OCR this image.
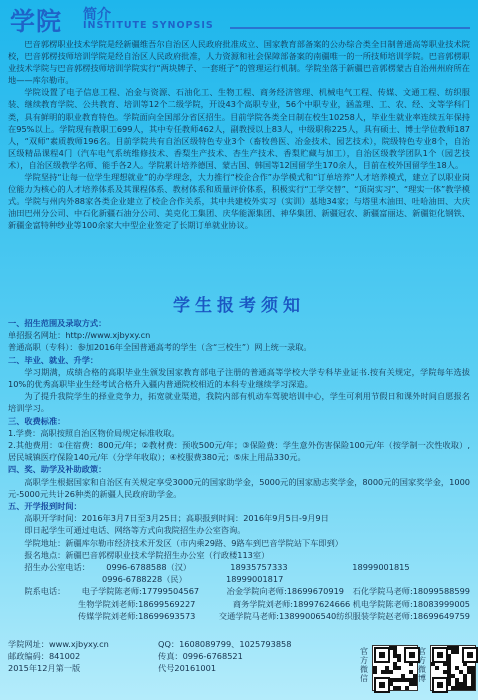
学院 简介
INSTITUTE SYNOPSIS

巴音郭楞职业技术学院是经新疆维吾尔自治区人民政府批准成立、国家教育部备案的公办综合类全日制普通高等职业技术院校，巴音郭楞技师培训学院是经自治区人民政府批准，人力资源和社会保障部备案的南疆唯一的一所技师培训学院。巴音郭楞职业技术学院与巴音郭楞技师培训学院实行“两块牌子、一套班子”的管理运行机制。学院坐落于新疆巴音郭楞蒙古自治州州府所在地——库尔勒市。

学院设置了电子信息工程、冶金与资源、石油化工、生物工程、商务经济管理、机械电气工程、传媒、文通工程、纺织服装、继续教育学院、公共教育、培训等12个二级学院，开设43个高职专业，56个中职专业，涵盖理、工、农、经、文等学科门类，具有鲜明的职业教育特色。学院面向全国部分省区招生。目前学院各类全日制在校生10258人，毕业生就业率连续五年保持在95%以上。学院现有教职工699人，其中专任教师462人，副教授以上83人，中级职称225人，具有硕士、博士学位教师187人，“双师”素质教师196名。目前学院共有自治区级特色专业3个（畜牧兽医、冶金技术、园艺技术），院级特色专业8个，自治区级精品课程4门（汽车电气系统维修技术、香梨生产技术、杏生产技术、香梨贮藏与加工），自治区级教学团队1个（园艺技术），自治区级教学名师、能手各2人。学院累计培养德国、蒙古国、韩国等12国留学生170余人，目前在校外国留学生18人。

学院坚持“让每一位学生理想就业”的办学理念，大力推行“校企合作”办学模式和“订单培养”人才培养模式，建立了以职业岗位能力为核心的人才培养体系及其课程体系、教材体系和质量评价体系，积极实行“工学交替”、“顶岗实习”、“理实一体”教学模式。学院与州内外88家各类企业建立了校企合作关系，其中共建校外实习（实训）基地34家；与塔里木油田、吐哈油田、大庆油田巴州分公司、中石化新疆石油分公司、美克化工集团、庆华能源集团、神华集团、新疆冠农、新疆富丽达、新疆钜化钢铁、新疆金富特种纱业等100余家大中型企业签定了长期订单就业协议。

学生报考须知
一、招生范围及录取方式：
单招报名网址：http://www.xjbyxy.cn
普通高职（专科）：参加2016年全国普通高考的学生（含“三校生”）网上统一录取。
二、毕业、就业、升学：
学习期满，成绩合格的高职毕业生颁发国家教育部电子注册的普通高等学校大学专科毕业证书.按有关规定，学院每年选拔10%的优秀高职毕业生经考试合格升入疆内普通院校相近的本科专业继续学习深造。
为了提升我院学生的择业竞争力，拓宽就业渠道，我院内部有机动车驾驶培训中心，学生可利用节假日和课外时间自愿报名培训学习。
三、收费标准：
1.学费：高职按照自治区物价局规定标准收取。
2.其他费用：①住宿费：800元/年；②教材费：预收500元/年；③保险费：学生意外伤害保险100元/年（按学制一次性收取）,居民城镇医疗保险140元/年（分学年收取）；④校服费380元；⑤床上用品330元。
四、奖、助学及补助政策：
高职学生根据国家和自治区有关规定享受3000元的国家助学金，5000元的国家励志奖学金，8000元的国家奖学金，1000元-5000元共计26种类的新疆人民政府助学金。
五、开学报到时间：
高职开学时间：2016年3月7日至3月25日；高职报到时间：2016年9月5日-9月9日
即日起学生可通过电话、网络等方式向我院招生办公室咨询。
学院地址：新疆库尔勒市经济技术开发区（市内乘29路、9路车到巴音学院站下车即到）
报名地点：新疆巴音郭楞职业技术学院招生办公室（行政楼113室）
招生办公室电话：	0996-6788588（汉）	18935757333	18999001815
0996-6788228（民）	18999001817
院系电话：	电子学院陈老师:17799504567	冶金学院向老师:18699670919	石化学院马老师:18099588599
生物学院刘老师:18699569227	商务学院刘老师:18997624666 机电学院陈老师:18083999005
传媒学院刘老师:18699693573	交通学院马老师:13899006540 纺织服装学院赵老师:18699649759
学院网址：www.xjbyxy.cn	QQ：1608089799、1025793858
邮政编码：841002	传真：0996-6768521
2015年12月第一版	代号20161001
官方微信
官方微博
